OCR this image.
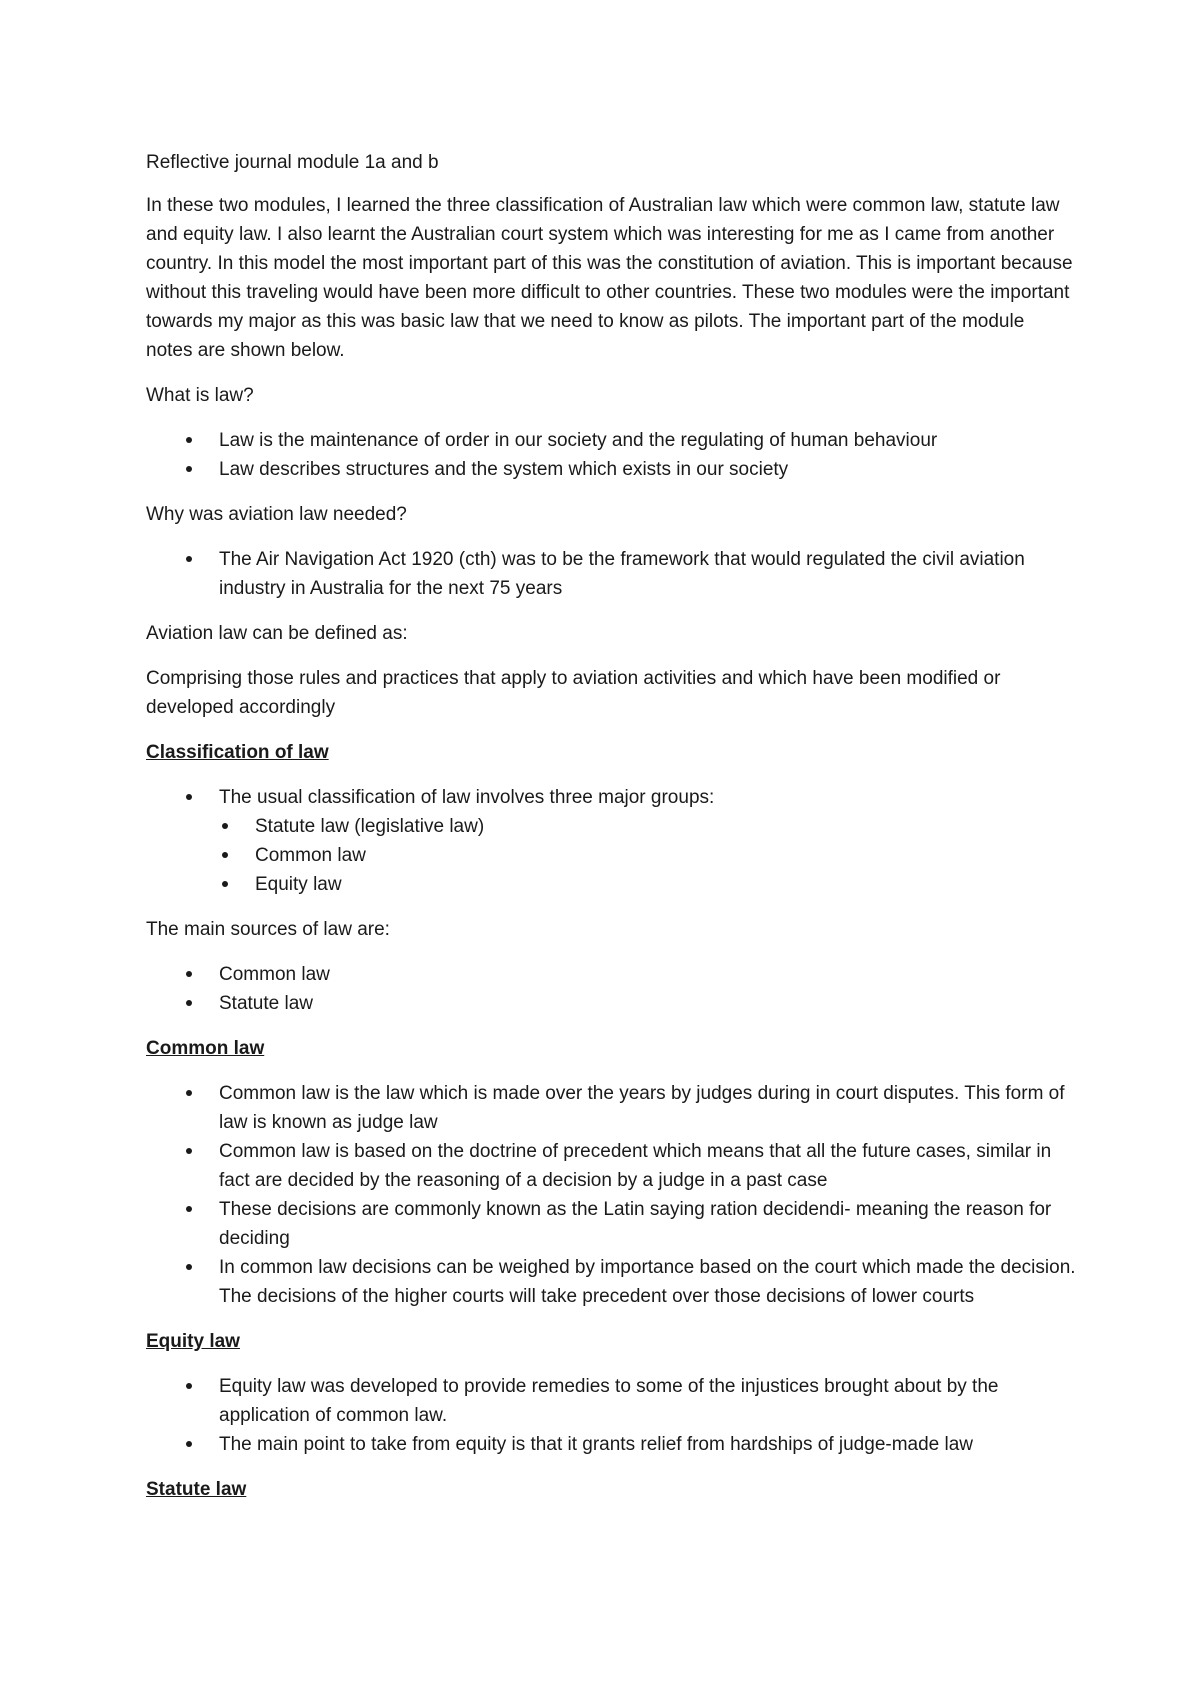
Reflective journal module 1a and b

In these two modules, I learned the three classification of Australian law which were common law, statute law and equity law. I also learnt the Australian court system which was interesting for me as I came from another country. In this model the most important part of this was the constitution of aviation. This is important because without this traveling would have been more difficult to other countries. These two modules were the important towards my major as this was basic law that we need to know as pilots. The important part of the module notes are shown below.

What is law?

Law is the maintenance of order in our society and the regulating of human behaviour
Law describes structures and the system which exists in our society

Why was aviation law needed?

The Air Navigation Act 1920 (cth) was to be the framework that would regulated the civil aviation industry in Australia for the next 75 years

Aviation law can be defined as:

Comprising those rules and practices that apply to aviation activities and which have been modified or developed accordingly

Classification of law

The usual classification of law involves three major groups:
Statute law (legislative law)
Common law
Equity law

The main sources of law are:

Common law
Statute law

Common law

Common law is the law which is made over the years by judges during in court disputes. This form of law is known as judge law
Common law is based on the doctrine of precedent which means that all the future cases, similar in fact are decided by the reasoning of a decision by a judge in a past case
These decisions are commonly known as the Latin saying ration decidendi- meaning the reason for deciding
In common law decisions can be weighed by importance based on the court which made the decision. The decisions of the higher courts will take precedent over those decisions of lower courts

Equity law

Equity law was developed to provide remedies to some of the injustices brought about by the application of common law.
The main point to take from equity is that it grants relief from hardships of judge-made law

Statute law
